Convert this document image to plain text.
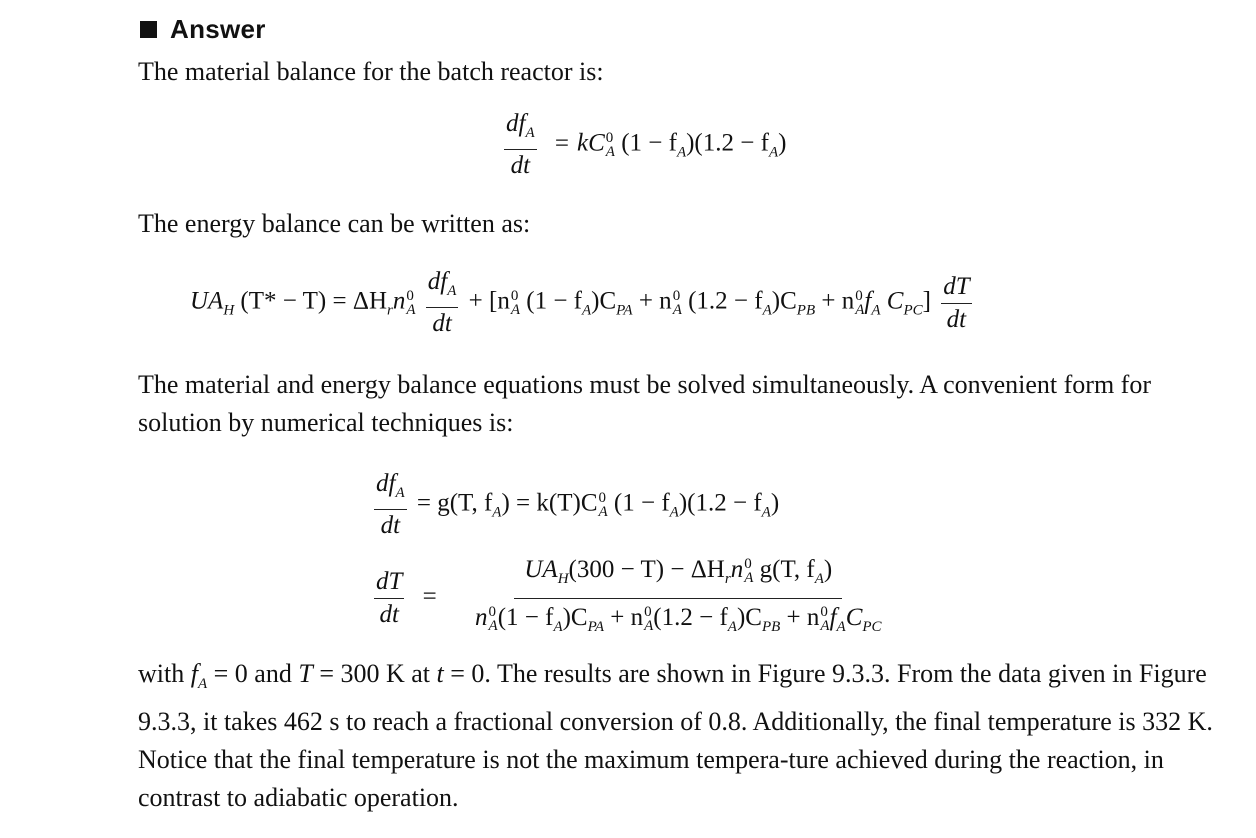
Answer

The material balance for the batch reactor is:

$\frac{df_A}{dt}$ = kC 0
A $(1 - f_A)(1.2 - f_A)$

The energy balance can be written as:

$UA_H$ $(T* - T) = \Delta H_rn$ 0
A
$\frac{df_A}{dt} + [n$ 0
A $(1 - f_A)C_{PA} + n$ 0
A $(1.2 - f_A)C_{PB} + n$ 0
A $f_A$ $C_{PC}] \frac{dT}{dt}$

The material and energy balance equations must be solved simultaneously. A convenient form for solution by numerical techniques is:

$\frac{df_A}{dt} = g(T$, $f_A) = k(T)C$ 0
A $(1 - f_A)(1.2 - f_A)$
$\frac{dT}{dt} = UA_H(300 - T) - \Delta H_rn$ 0
A g(T, $f_A$)
n 0
A $(1 - f_A)C_{PA} + n$ 0
A $(1.2 - f_A)C_{PB} + n$ 0
A $f_AC_{PC}$

with $f_A = 0$ and T = 300 K at t = 0. The results are shown in Figure 9.3.3. From the data given in Figure 9.3.3, it takes 462 s to reach a fractional conversion of 0.8. Additionally, the final temperature is 332 K. Notice that the final temperature is not the maximum tempera-ture achieved during the reaction, in contrast to adiabatic operation.
